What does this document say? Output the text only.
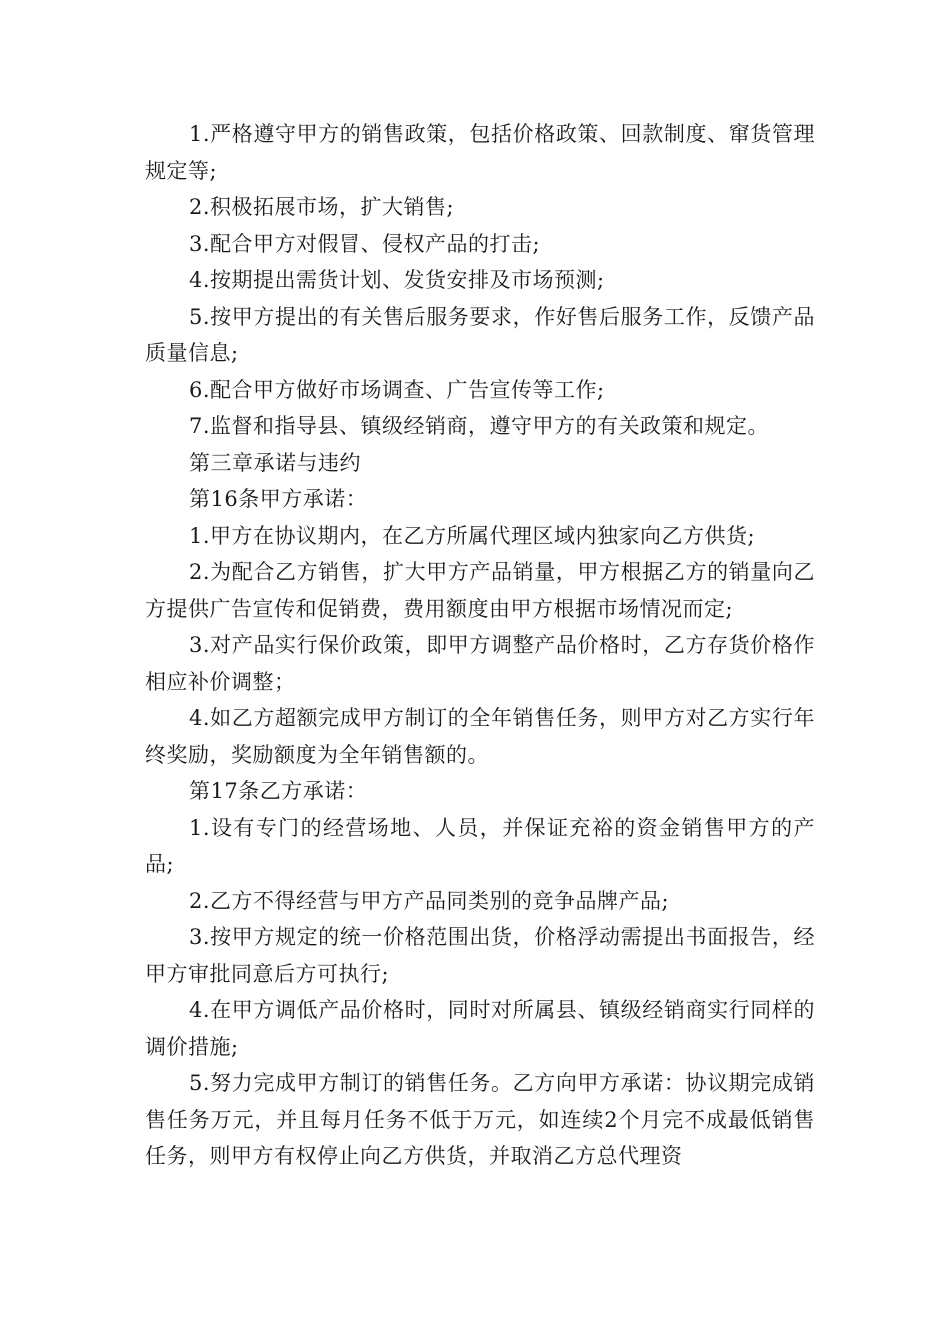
1.严格遵守甲方的销售政策，包括价格政策、回款制度、窜货管理规定等;

2.积极拓展市场，扩大销售;

3.配合甲方对假冒、侵权产品的打击;

4.按期提出需货计划、发货安排及市场预测;

5.按甲方提出的有关售后服务要求，作好售后服务工作，反馈产品质量信息;

6.配合甲方做好市场调查、广告宣传等工作;

7.监督和指导县、镇级经销商，遵守甲方的有关政策和规定。

第三章承诺与违约

第16条甲方承诺：

1.甲方在协议期内，在乙方所属代理区域内独家向乙方供货;

2.为配合乙方销售，扩大甲方产品销量，甲方根据乙方的销量向乙方提供广告宣传和促销费，费用额度由甲方根据市场情况而定;

3.对产品实行保价政策，即甲方调整产品价格时，乙方存货价格作相应补价调整；

4.如乙方超额完成甲方制订的全年销售任务，则甲方对乙方实行年终奖励，奖励额度为全年销售额的。

第17条乙方承诺：

1.设有专门的经营场地、人员，并保证充裕的资金销售甲方的产品;

2.乙方不得经营与甲方产品同类别的竞争品牌产品;

3.按甲方规定的统一价格范围出货，价格浮动需提出书面报告，经甲方审批同意后方可执行;

4.在甲方调低产品价格时，同时对所属县、镇级经销商实行同样的调价措施;

5.努力完成甲方制订的销售任务。乙方向甲方承诺：协议期完成销售任务万元，并且每月任务不低于万元，如连续2个月完不成最低销售任务，则甲方有权停止向乙方供货，并取消乙方总代理资
